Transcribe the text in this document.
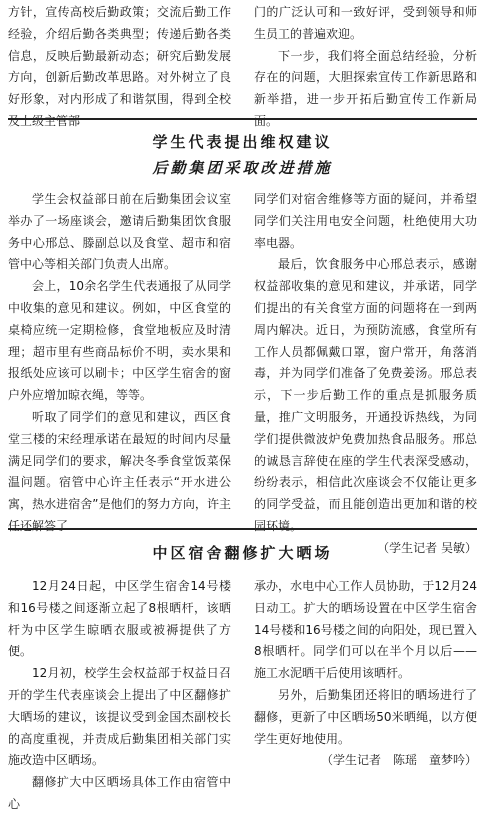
方针，宣传高校后勤政策；交流后勤工作经验，介绍后勤各类典型；传递后勤各类信息，反映后勤最新动态；研究后勤发展方向，创新后勤改革思路。对外树立了良好形象，对内形成了和谐氛围，得到全校及上级主管部

门的广泛认可和一致好评，受到领导和师生员工的普遍欢迎。

下一步，我们将全面总结经验，分析存在的问题，大胆探索宣传工作新思路和新举措，进一步开拓后勤宣传工作新局面。

学生代表提出维权建议
后勤集团采取改进措施

学生会权益部日前在后勤集团会议室举办了一场座谈会，邀请后勤集团饮食服务中心邢总、滕副总以及食堂、超市和宿管中心等相关部门负责人出席。

会上，10余名学生代表通报了从同学中收集的意见和建议。例如，中区食堂的桌椅应统一定期检修，食堂地板应及时清理；超市里有些商品标价不明，卖水果和报纸处应该可以刷卡；中区学生宿舍的窗户外应增加晾衣绳，等等。

听取了同学们的意见和建议，西区食堂三楼的宋经理承诺在最短的时间内尽量满足同学们的要求，解决冬季食堂饭菜保温问题。宿管中心许主任表示“开水进公寓，热水进宿舍”是他们的努力方向，许主任还解答了

同学们对宿舍维修等方面的疑问，并希望同学们关注用电安全问题，杜绝使用大功率电器。

最后，饮食服务中心邢总表示，感谢权益部收集的意见和建议，并承诺，同学们提出的有关食堂方面的问题将在一到两周内解决。近日，为预防流感，食堂所有工作人员都佩戴口罩，窗户常开，角落消毒，并为同学们准备了免费姜汤。邢总表示，下一步后勤工作的重点是抓服务质量，推广文明服务，开通投诉热线，为同学们提供微波炉免费加热食品服务。邢总的诚恳言辞使在座的学生代表深受感动，纷纷表示，相信此次座谈会不仅能让更多的同学受益，而且能创造出更加和谐的校园环境。

（学生记者 吴敏）
中区宿舍翻修扩大晒场

12月24日起，中区学生宿舍14号楼和16号楼之间逐渐立起了8根晒杆，该晒杆为中区学生晾晒衣服或被褥提供了方便。

12月初，校学生会权益部于权益日召开的学生代表座谈会上提出了中区翻修扩大晒场的建议，该提议受到金国杰副校长的高度重视，并责成后勤集团相关部门实施改造中区晒场。

翻修扩大中区晒场具体工作由宿管中心

承办，水电中心工作人员协助，于12月24日动工。扩大的晒场设置在中区学生宿舍14号楼和16号楼之间的向阳处，现已置入8根晒杆。同学们可以在半个月以后——施工水泥晒干后使用该晒杆。

另外，后勤集团还将旧的晒场进行了翻修，更新了中区晒场50米晒绳，以方便学生更好地使用。

（学生记者　陈瑶　童梦吟）
